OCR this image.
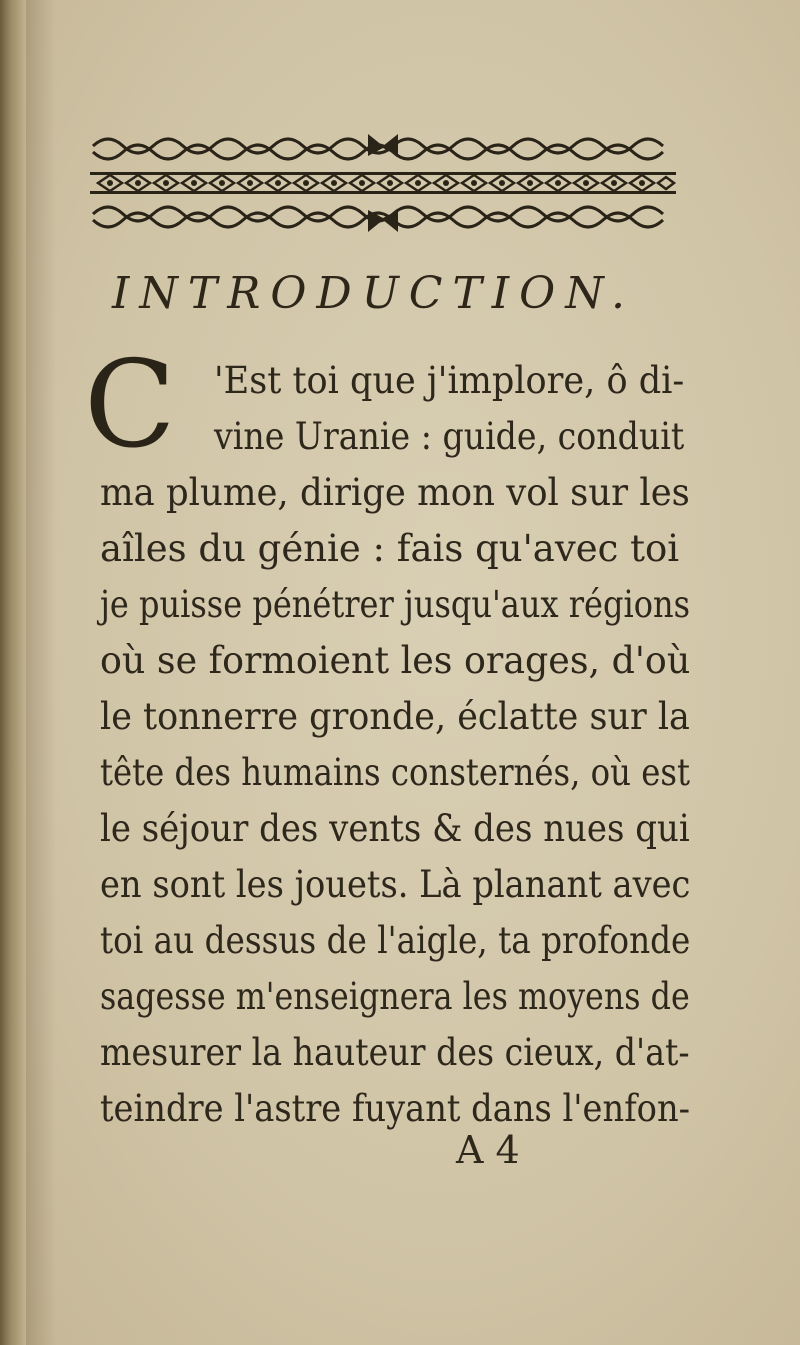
INTRODUCTION.
C 'Est toi que j'implore, ô di-
vine Uranie : guide, conduit
ma plume, dirige mon vol sur les
aîles du génie : fais qu'avec toi
je puisse pénétrer jusqu'aux régions
où se formoient les orages, d'où
le tonnerre gronde, éclatte sur la
tête des humains consternés, où est
le séjour des vents & des nues qui
en sont les jouets. Là planant avec
toi au dessus de l'aigle, ta profonde
sagesse m'enseignera les moyens de
mesurer la hauteur des cieux, d'at-
teindre l'astre fuyant dans l'enfon-
A 4
